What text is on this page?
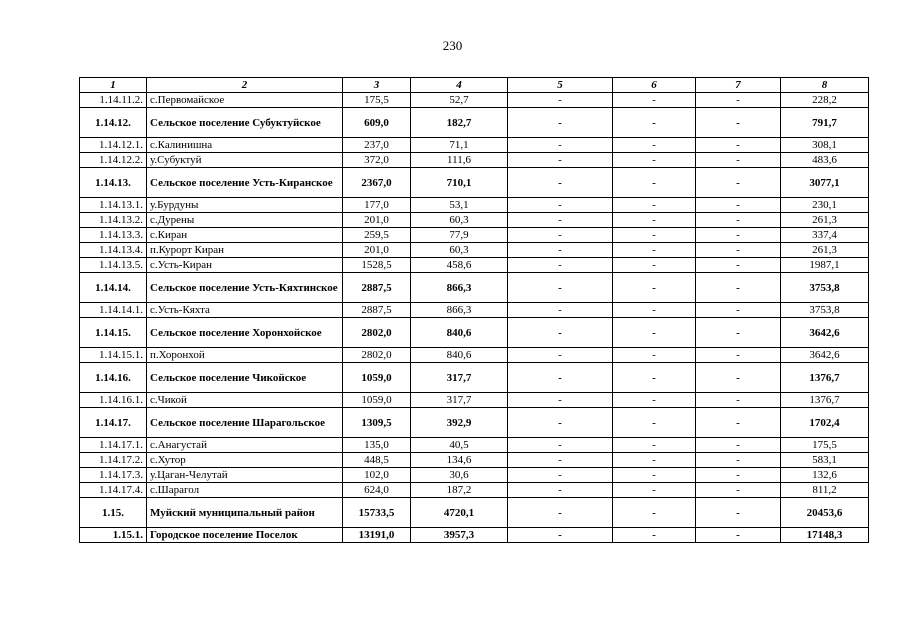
230
1	2	3	4	5	6	7	8
1.14.11.2.	с.Первомайское	175,5	52,7	-	-	-	228,2
1.14.12.	Сельское поселение Субуктуйское	609,0	182,7	-	-	-	791,7
1.14.12.1.	с.Калинишна	237,0	71,1	-	-	-	308,1
1.14.12.2.	у.Субуктуй	372,0	111,6	-	-	-	483,6
1.14.13.	Сельское поселение Усть-Киранское	2367,0	710,1	-	-	-	3077,1
1.14.13.1.	у.Бурдуны	177,0	53,1	-	-	-	230,1
1.14.13.2.	с.Дурены	201,0	60,3	-	-	-	261,3
1.14.13.3.	с.Киран	259,5	77,9	-	-	-	337,4
1.14.13.4.	п.Курорт Киран	201,0	60,3	-	-	-	261,3
1.14.13.5.	с.Усть-Киран	1528,5	458,6	-	-	-	1987,1
1.14.14.	Сельское поселение Усть-Кяхтинское	2887,5	866,3	-	-	-	3753,8
1.14.14.1.	с.Усть-Кяхта	2887,5	866,3	-	-	-	3753,8
1.14.15.	Сельское поселение Хоронхойское	2802,0	840,6	-	-	-	3642,6
1.14.15.1.	п.Хоронхой	2802,0	840,6	-	-	-	3642,6
1.14.16.	Сельское поселение Чикойское	1059,0	317,7	-	-	-	1376,7
1.14.16.1.	с.Чикой	1059,0	317,7	-	-	-	1376,7
1.14.17.	Сельское поселение Шарагольское	1309,5	392,9	-	-	-	1702,4
1.14.17.1.	с.Анагустай	135,0	40,5	-	-	-	175,5
1.14.17.2.	с.Хутор	448,5	134,6	-	-	-	583,1
1.14.17.3.	у.Цаган-Челутай	102,0	30,6	-	-	-	132,6
1.14.17.4.	с.Шарагол	624,0	187,2	-	-	-	811,2
1.15.	Муйский муниципальный район	15733,5	4720,1	-	-	-	20453,6
1.15.1.	Городское поселение Поселок	13191,0	3957,3	-	-	-	17148,3
